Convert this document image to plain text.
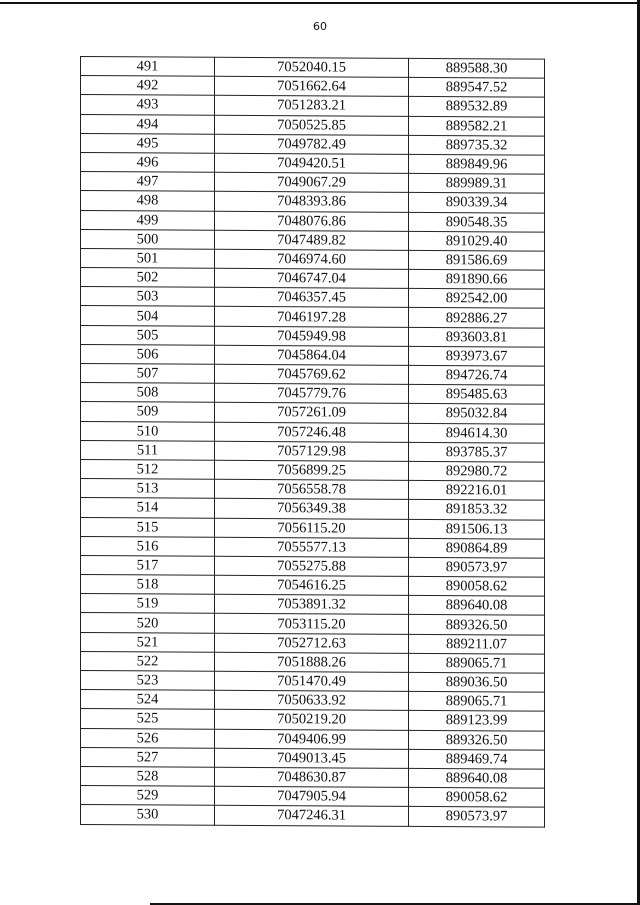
60
491	7052040.15	889588.30
492	7051662.64	889547.52
493	7051283.21	889532.89
494	7050525.85	889582.21
495	7049782.49	889735.32
496	7049420.51	889849.96
497	7049067.29	889989.31
498	7048393.86	890339.34
499	7048076.86	890548.35
500	7047489.82	891029.40
501	7046974.60	891586.69
502	7046747.04	891890.66
503	7046357.45	892542.00
504	7046197.28	892886.27
505	7045949.98	893603.81
506	7045864.04	893973.67
507	7045769.62	894726.74
508	7045779.76	895485.63
509	7057261.09	895032.84
510	7057246.48	894614.30
511	7057129.98	893785.37
512	7056899.25	892980.72
513	7056558.78	892216.01
514	7056349.38	891853.32
515	7056115.20	891506.13
516	7055577.13	890864.89
517	7055275.88	890573.97
518	7054616.25	890058.62
519	7053891.32	889640.08
520	7053115.20	889326.50
521	7052712.63	889211.07
522	7051888.26	889065.71
523	7051470.49	889036.50
524	7050633.92	889065.71
525	7050219.20	889123.99
526	7049406.99	889326.50
527	7049013.45	889469.74
528	7048630.87	889640.08
529	7047905.94	890058.62
530	7047246.31	890573.97
